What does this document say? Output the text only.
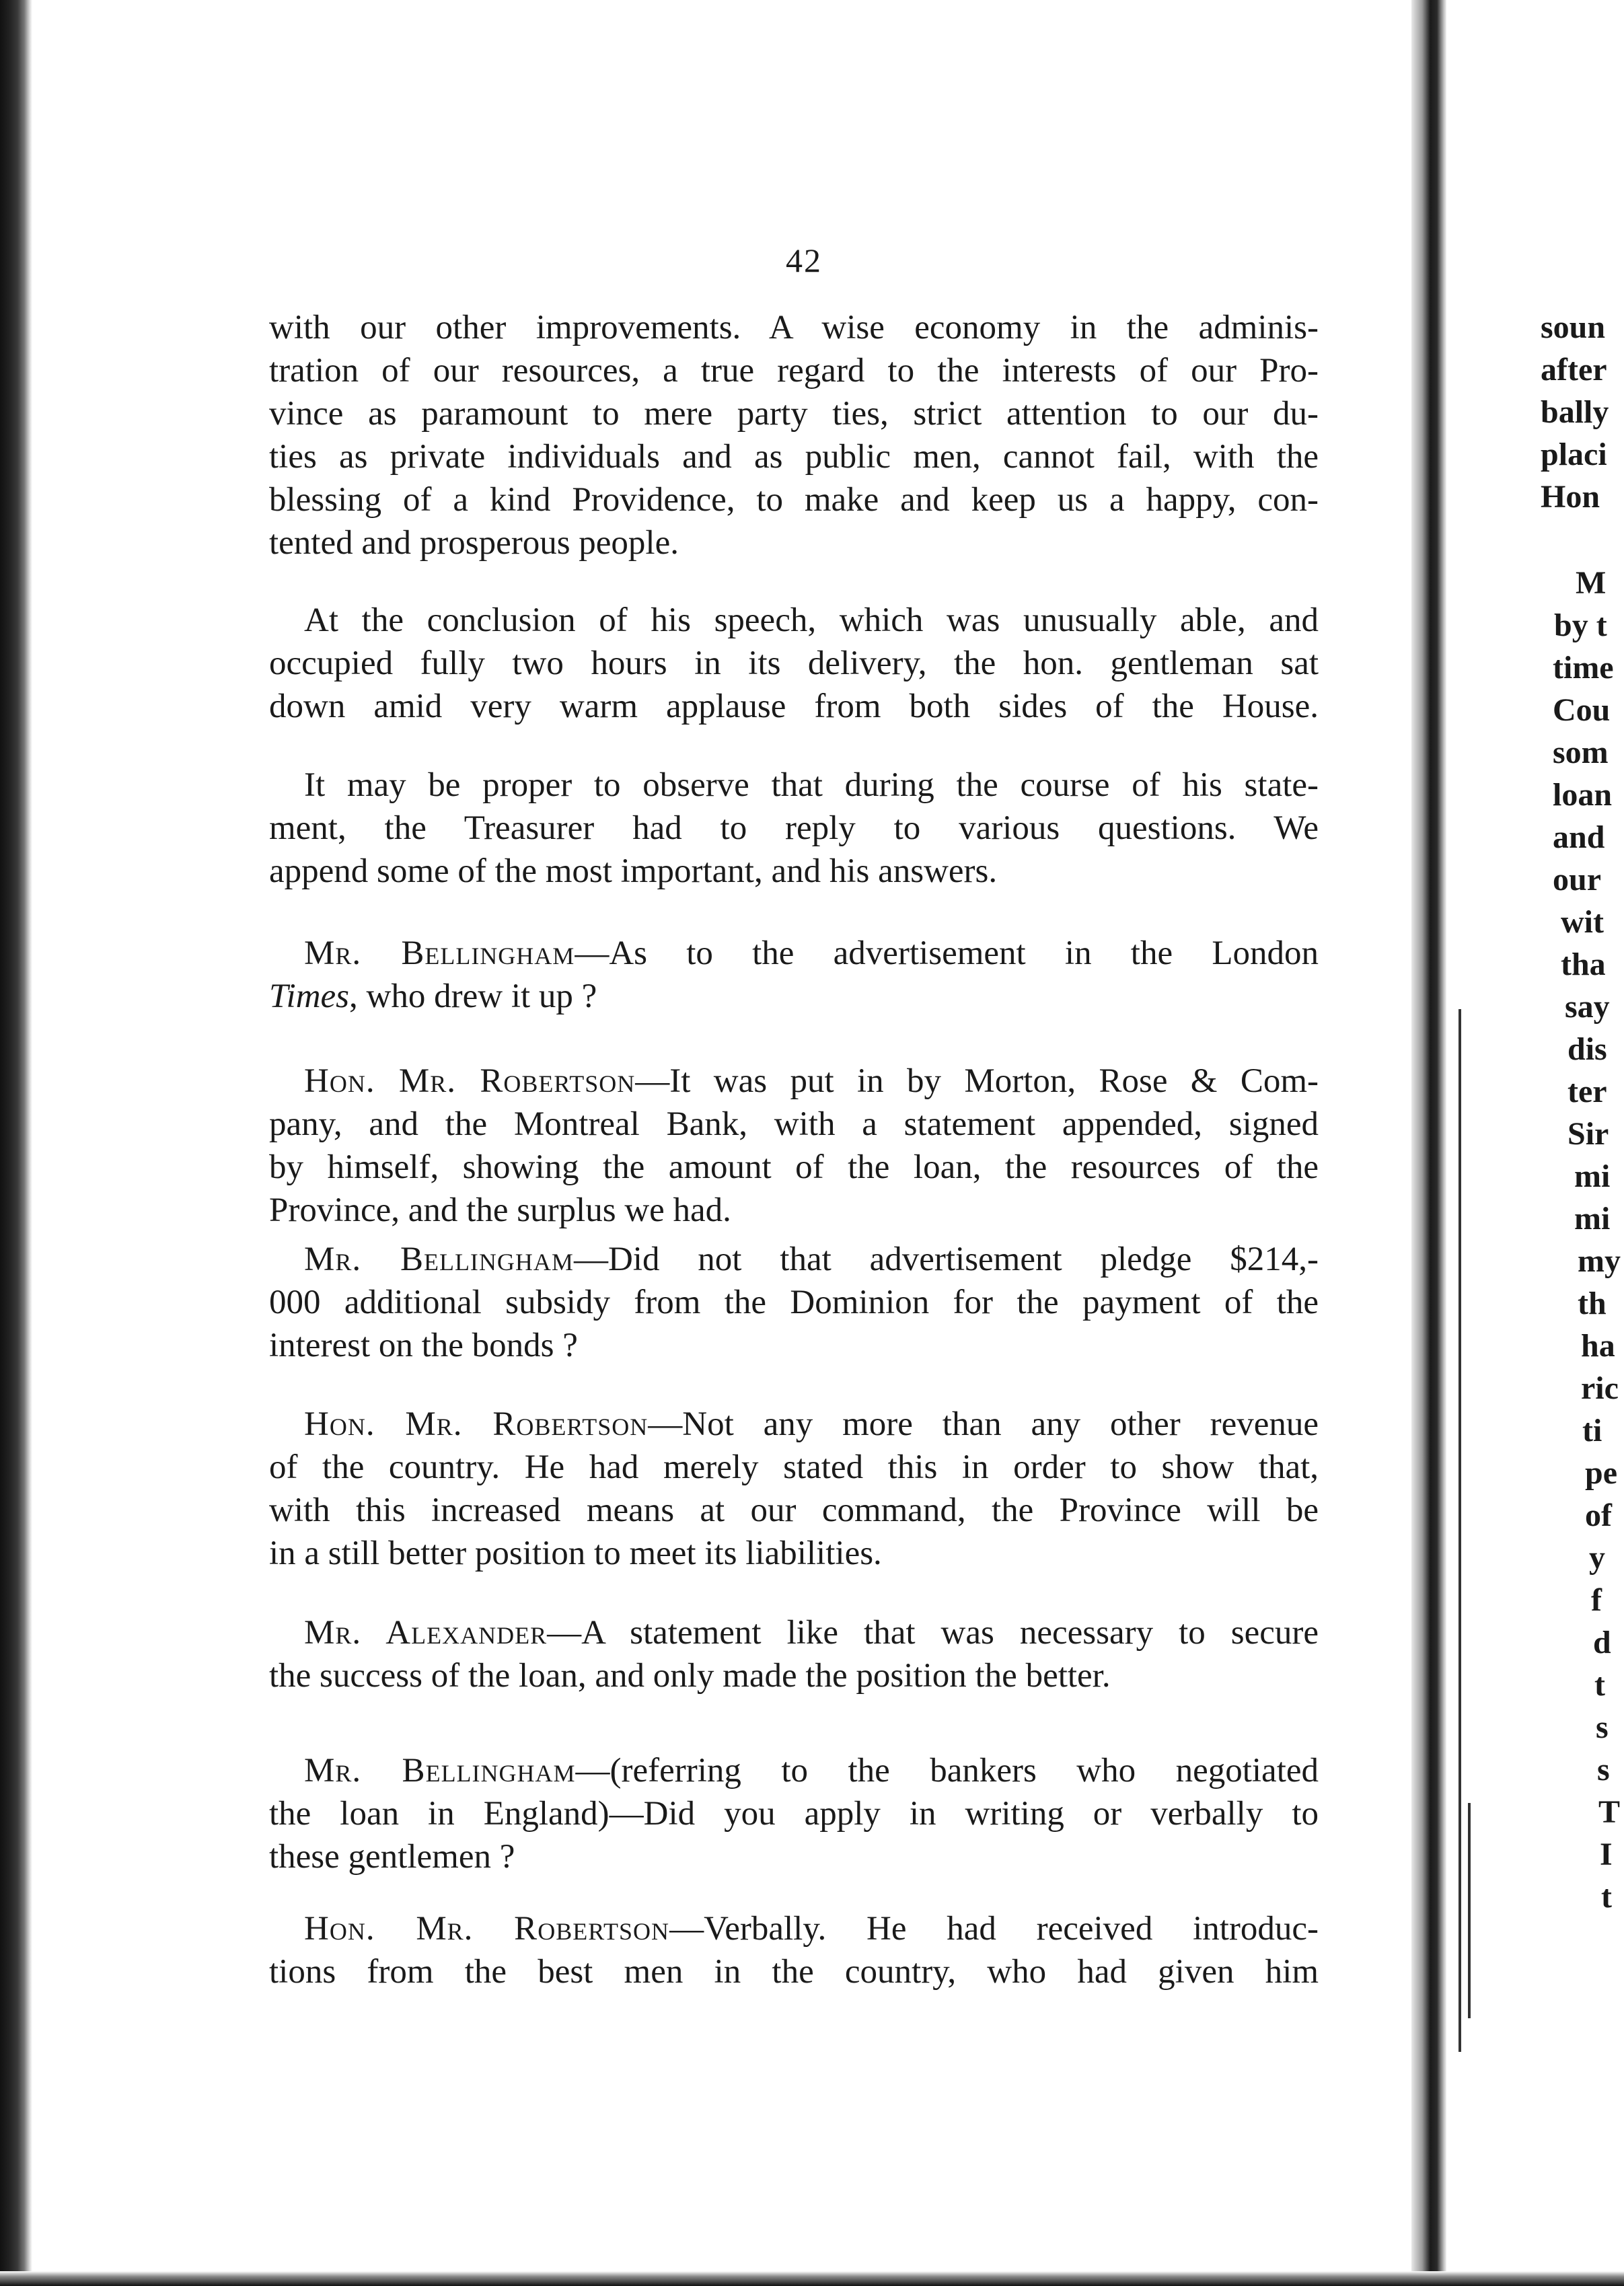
42
with our other improvements. A wise economy in the adminis-
tration of our resources, a true regard to the interests of our Pro-
vince as paramount to mere party ties, strict attention to our du-
ties as private individuals and as public men, cannot fail, with the
blessing of a kind Providence, to make and keep us a happy, con-
tented and prosperous people.
At the conclusion of his speech, which was unusually able, and
occupied fully two hours in its delivery, the hon. gentleman sat
down amid very warm applause from both sides of the House.
It may be proper to observe that during the course of his state-
ment, the Treasurer had to reply to various questions. We
append some of the most important, and his answers.
Mr. Bellingham—As to the advertisement in the London
Times, who drew it up ?
Hon. Mr. Robertson—It was put in by Morton, Rose & Com-
pany, and the Montreal Bank, with a statement appended, signed
by himself, showing the amount of the loan, the resources of the
Province, and the surplus we had.
Mr. Bellingham—Did not that advertisement pledge $214,-
000 additional subsidy from the Dominion for the payment of the
interest on the bonds ?
Hon. Mr. Robertson—Not any more than any other revenue
of the country. He had merely stated this in order to show that,
with this increased means at our command, the Province will be
in a still better position to meet its liabilities.
Mr. Alexander—A statement like that was necessary to secure
the success of the loan, and only made the position the better.
Mr. Bellingham—(referring to the bankers who negotiated
the loan in England)—Did you apply in writing or verbally to
these gentlemen ?
Hon. Mr. Robertson—Verbally. He had received introduc-
tions from the best men in the country, who had given him
soun
after
bally
placi
Hon
M
by t
time
Cou
som
loan
and
our
wit
tha
say
dis
ter
Sir
mi
mi
my
th
ha
ric
ti
pe
of
y
f
d
t
s
s
T
I
t
